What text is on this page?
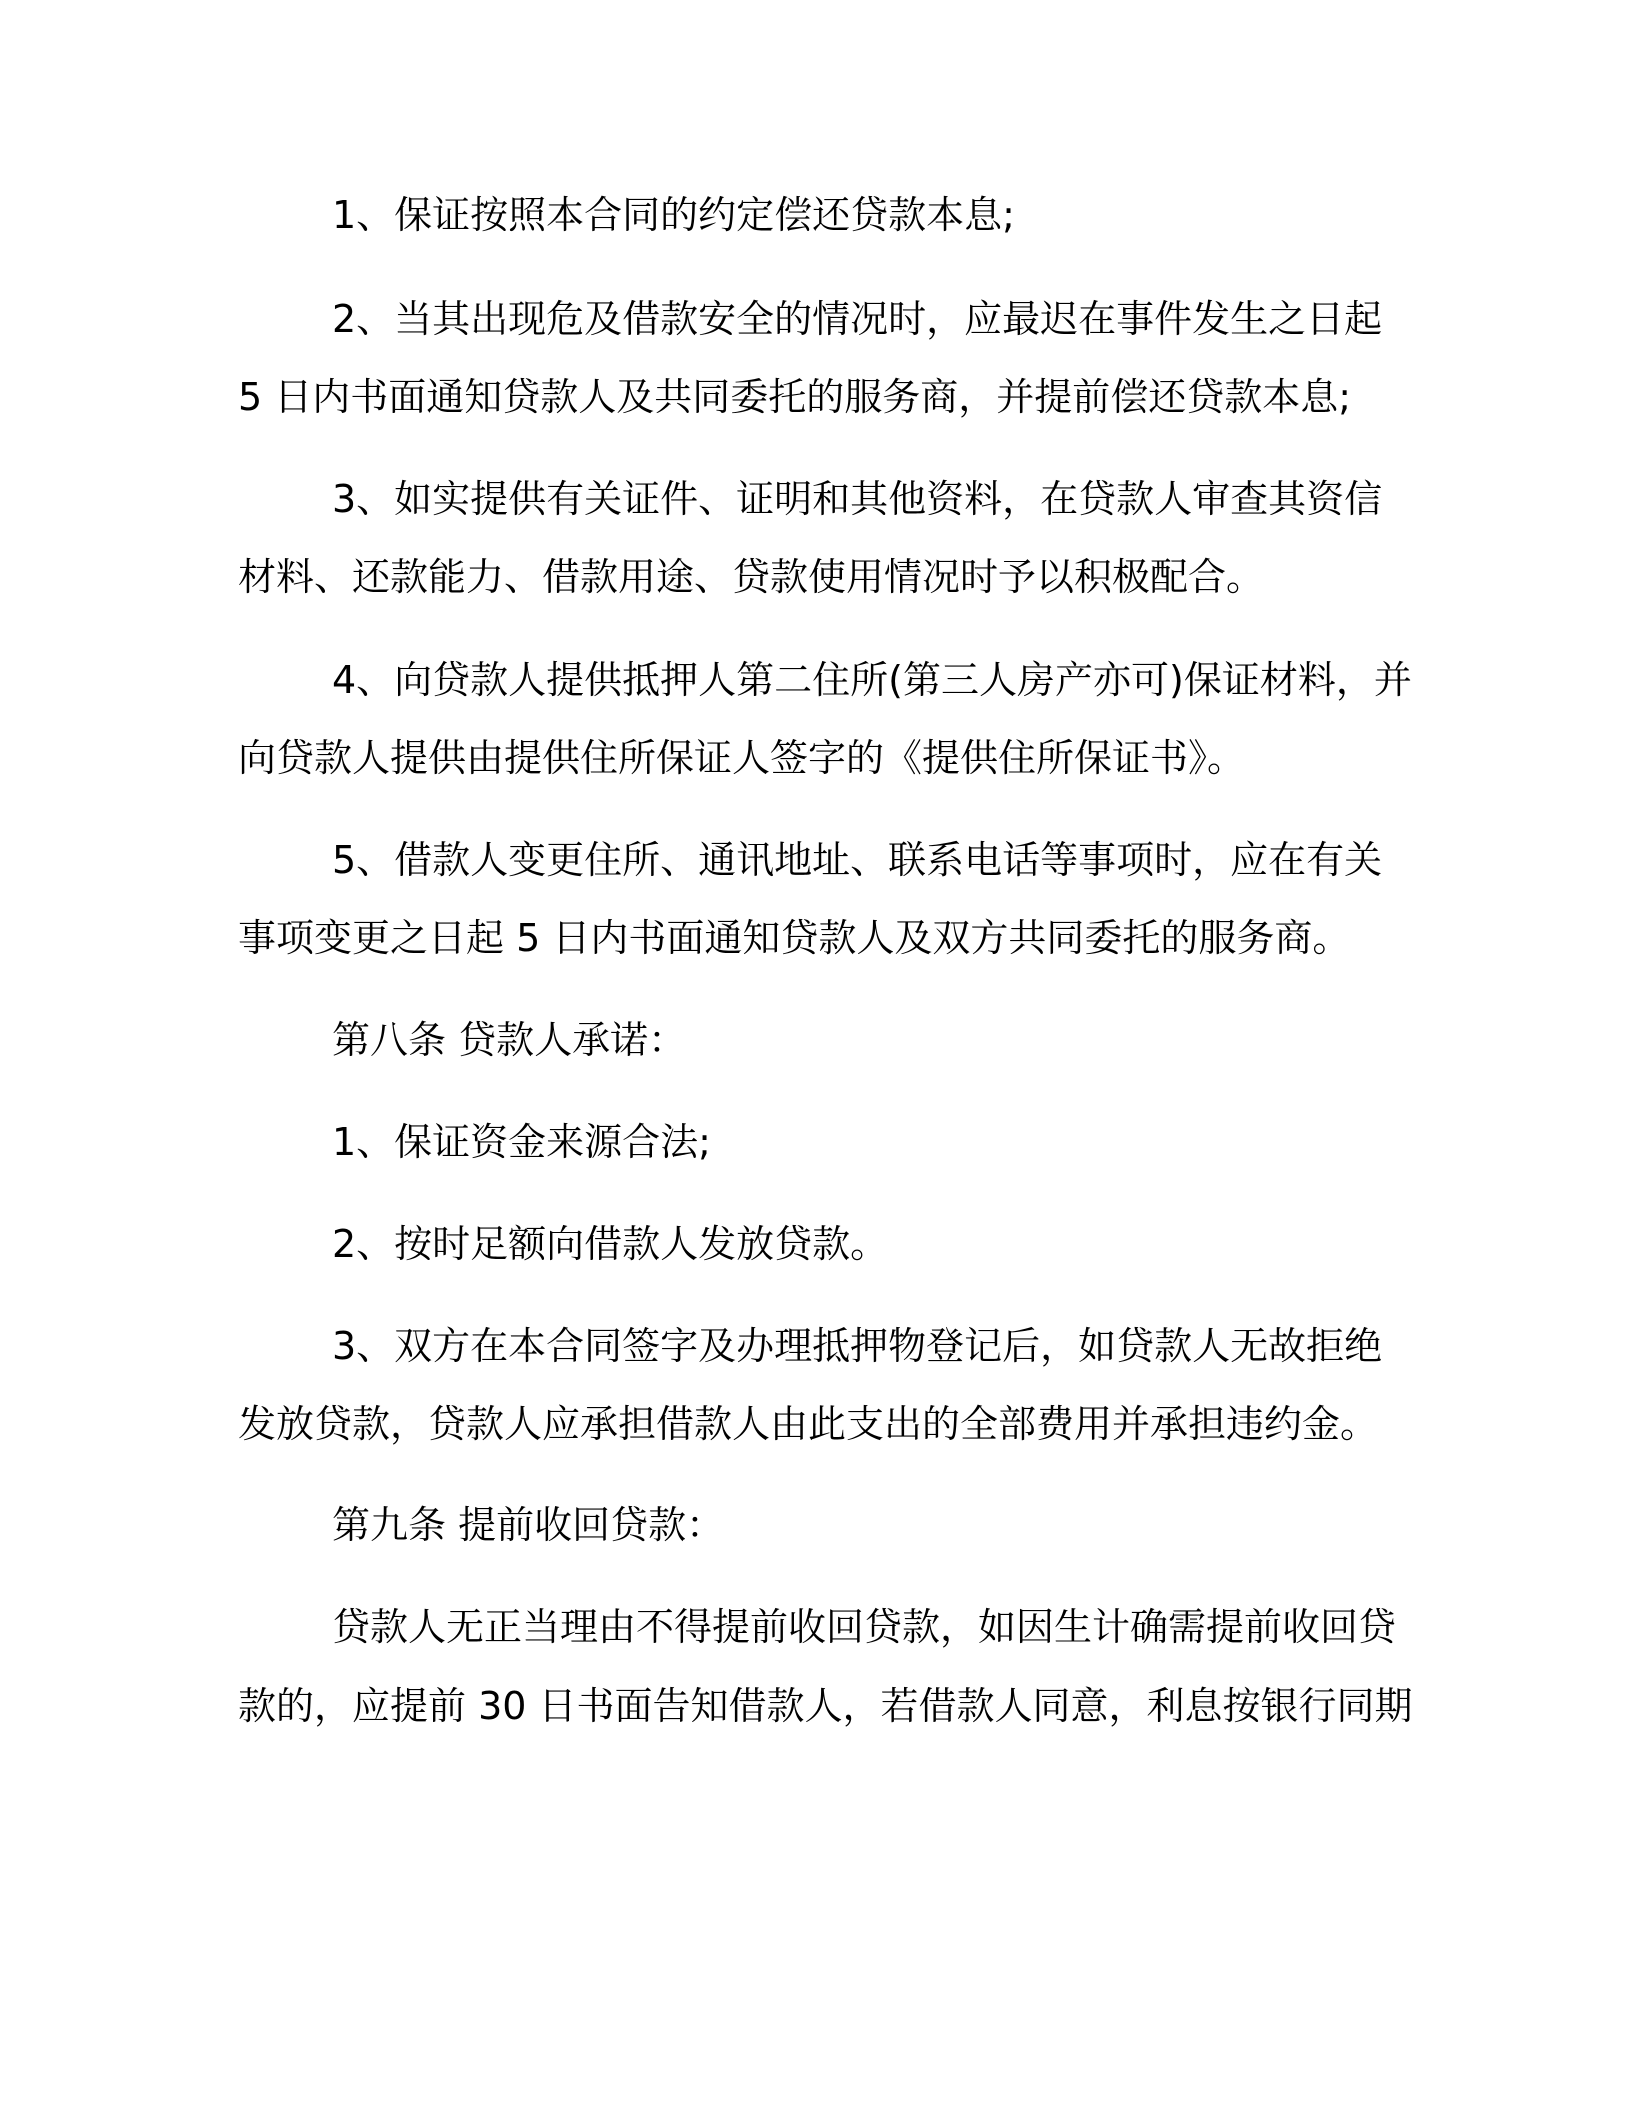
1、保证按照本合同的约定偿还贷款本息;

2、当其出现危及借款安全的情况时，应最迟在事件发生之日起

5 日内书面通知贷款人及共同委托的服务商，并提前偿还贷款本息;

3、如实提供有关证件、证明和其他资料，在贷款人审查其资信

材料、还款能力、借款用途、贷款使用情况时予以积极配合。

4、向贷款人提供抵押人第二住所(第三人房产亦可)保证材料，并

向贷款人提供由提供住所保证人签字的《提供住所保证书》。

5、借款人变更住所、通讯地址、联系电话等事项时，应在有关

事项变更之日起 5 日内书面通知贷款人及双方共同委托的服务商。

第八条 贷款人承诺：

1、保证资金来源合法;

2、按时足额向借款人发放贷款。

3、双方在本合同签字及办理抵押物登记后，如贷款人无故拒绝

发放贷款，贷款人应承担借款人由此支出的全部费用并承担违约金。

第九条 提前收回贷款：

贷款人无正当理由不得提前收回贷款，如因生计确需提前收回贷

款的，应提前 30 日书面告知借款人，若借款人同意，利息按银行同期
